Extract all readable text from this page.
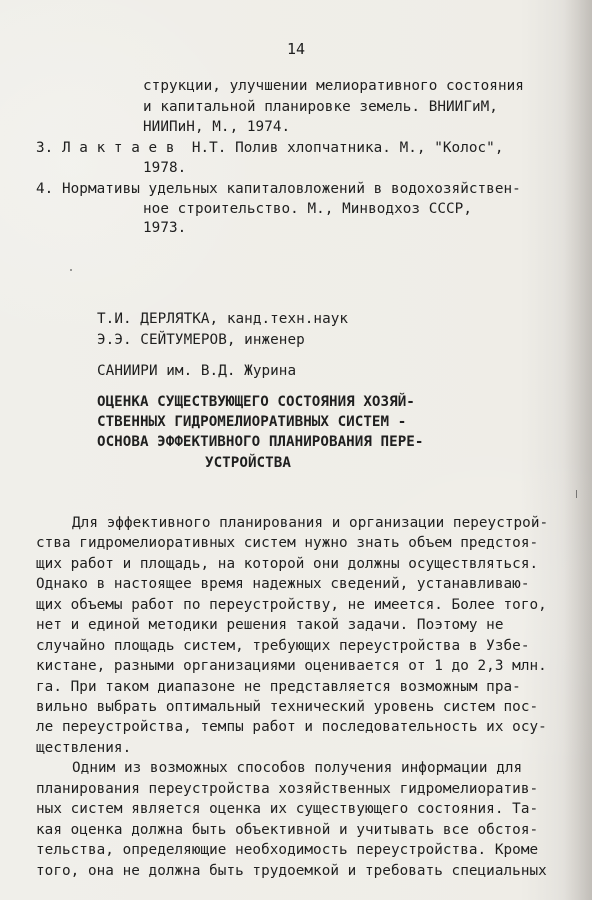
14
струкции, улучшении мелиоративного состояния
и капитальной планировке земель. ВНИИГиМ,
НИИПиН, М., 1974.
3. Л а к т а е в  Н.Т. Полив хлопчатника. М., "Колос",
1978.
4. Нормативы удельных капиталовложений в водохозяйствен-
ное строительство. М., Минводхоз СССР,
1973.
Т.И. ДЕРЛЯТКА, канд.техн.наук
Э.Э. СЕЙТУМЕРОВ, инженер
САНИИРИ им. В.Д. Журина
ОЦЕНКА СУЩЕСТВУЮЩЕГО СОСТОЯНИЯ ХОЗЯЙ-
СТВЕННЫХ ГИДРОМЕЛИОРАТИВНЫХ СИСТЕМ -
ОСНОВА ЭФФЕКТИВНОГО ПЛАНИРОВАНИЯ ПЕРЕ-
УСТРОЙСТВА
Для эффективного планирования и организации переустрой-
ства гидромелиоративных систем нужно знать объем предстоя-
щих работ и площадь, на которой они должны осуществляться.
Однако в настоящее время надежных сведений, устанавливаю-
щих объемы работ по переустройству, не имеется. Более того,
нет и единой методики решения такой задачи. Поэтому не
случайно площадь систем, требующих переустройства в Узбе-
кистане, разными организациями оценивается от 1 до 2,3 млн.
га. При таком диапазоне не представляется возможным пра-
вильно выбрать оптимальный технический уровень систем пос-
ле переустройства, темпы работ и последовательность их осу-
ществления.
Одним из возможных способов получения информации для
планирования переустройства хозяйственных гидромелиоратив-
ных систем является оценка их существующего состояния. Та-
кая оценка должна быть объективной и учитывать все обстоя-
тельства, определяющие необходимость переустройства. Кроме
того, она не должна быть трудоемкой и требовать специальных
